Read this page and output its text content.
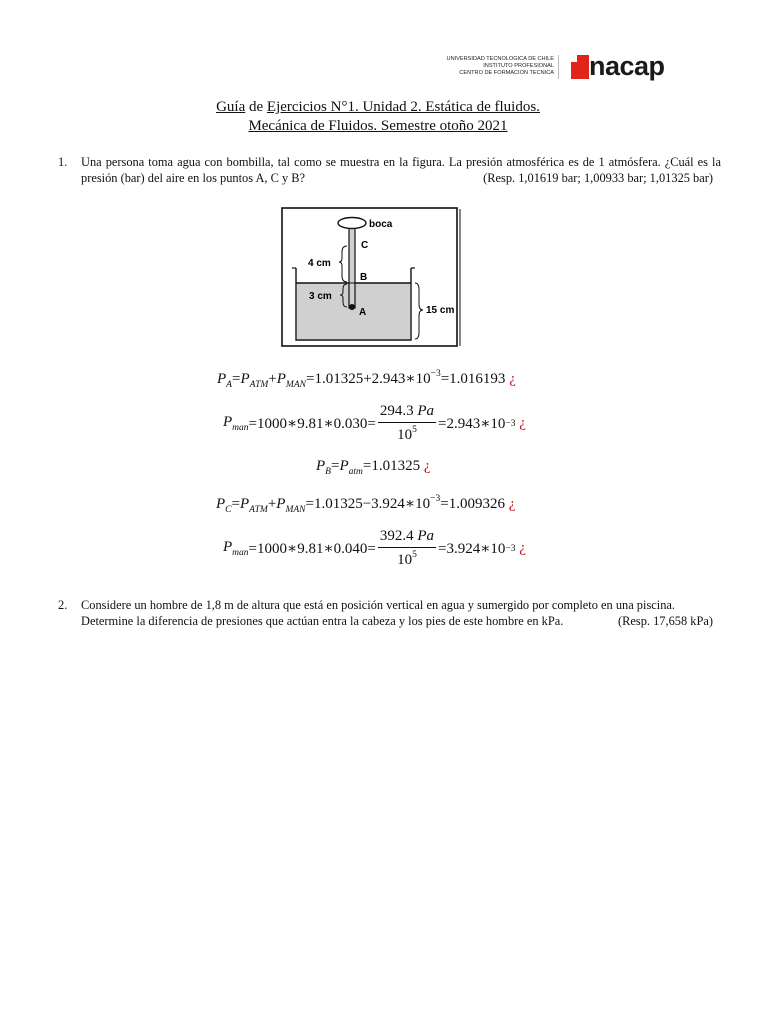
UNIVERSIDAD TECNOLOGICA DE CHILE
INSTITUTO PROFESIONAL
CENTRO DE FORMACION TECNICA nacap
Guía de Ejercicios N°1. Unidad 2. Estática de fluidos.
Mecánica de Fluidos. Semestre otoño 2021
1. Una persona toma agua con bombilla, tal como se muestra en la figura. La presión atmosférica es de 1 atmósfera. ¿Cuál es la presión (bar) del aire en los puntos A, C y B?	(Resp. 1,01619 bar; 1,00933 bar; 1,01325 bar)
boca
C
B
A
4 cm
3 cm
15 cm
$P_A=P_{ATM}+P_{MAN}=1.01325+2.943∗10^{-3}=1.016193$ ¿
$P_{man}$ =1000∗9.81∗0.030= $\frac{294.3 Pa}{10^5}$ =2.943∗10 −3
¿
$P_B=P_{atm}=1.01325$ ¿
$P_C=P_{ATM}+P_{MAN}=1.01325-3.924∗10^{-3}=1.009326$ ¿
$P_{man}$ =1000∗9.81∗0.040= $\frac{392.4 Pa}{10^5}$ =3.924∗10 −3
¿
2. Considere un hombre de 1,8 m de altura que está en posición vertical en agua y sumergido por completo en una piscina.
Determine la diferencia de presiones que actúan entra la cabeza y los pies de este hombre en kPa.	(Resp. 17,658 kPa)
